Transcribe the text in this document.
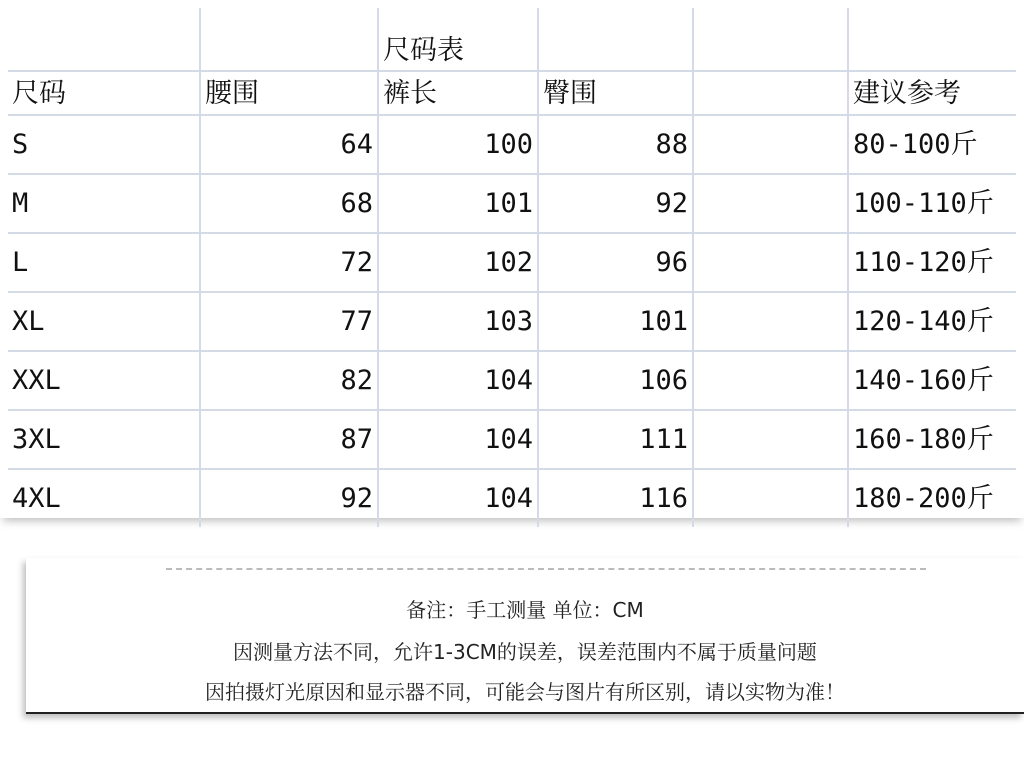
		尺码表			
尺码	腰围	裤长	臀围		建议参考
S	64	100	88		80-100斤
M	68	101	92		100-110斤
L	72	102	96		110-120斤
XL	77	103	101		120-140斤
XXL	82	104	106		140-160斤
3XL	87	104	111		160-180斤
4XL	92	104	116		180-200斤
备注：手工测量 单位：CM
因测量方法不同，允许1-3CM的误差，误差范围内不属于质量问题
因拍摄灯光原因和显示器不同，可能会与图片有所区别，请以实物为准！
